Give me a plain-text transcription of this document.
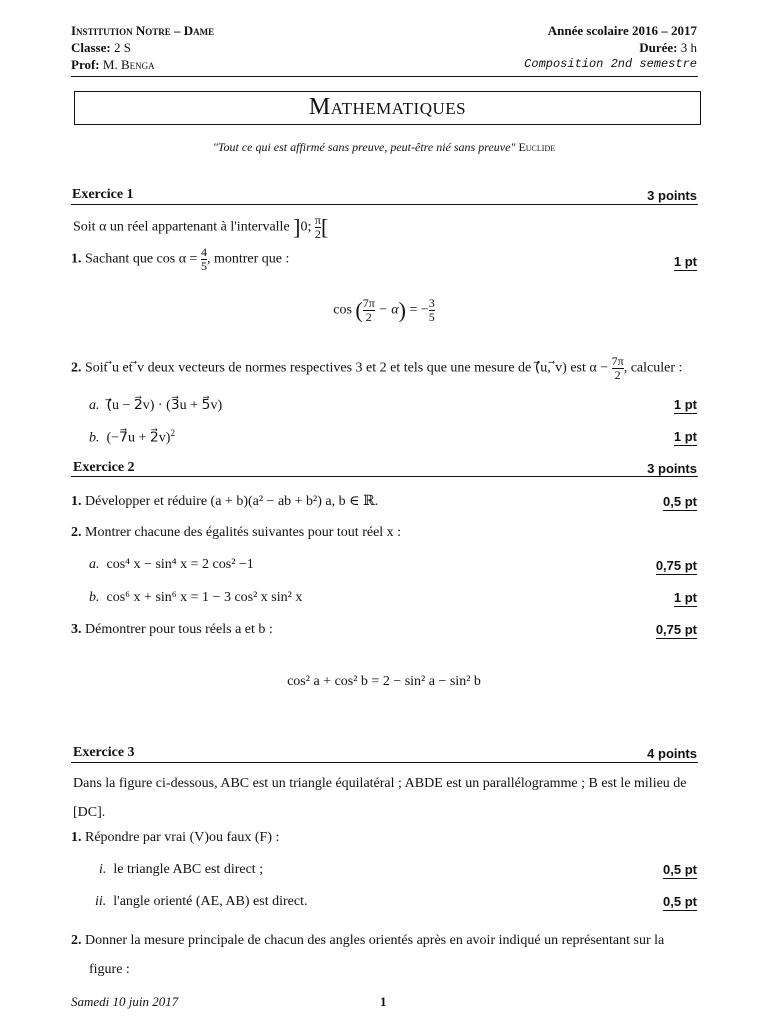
Institution Notre – Dame
Classe: 2 S
Prof: M. Benga
Année scolaire 2016 – 2017
Durée: 3 h
Composition 2nd semestre
Mathematiques
"Tout ce qui est affirmé sans preuve, peut-être nié sans preuve" Euclide
Exercice 1	3 points
Soit α un réel appartenant à l'intervalle ]0; $\frac{\pi}{2}$ [
1. Sachant que $\cos \alpha = \frac{4}{5}$ , montrer que :	1 pt
cos ( $\frac{7\pi}{2} - \alpha$) = − $\frac{3}{5}$
2. Soit ⃗u et ⃗v deux vecteurs de normes respectives 3 et 2 et tels que une mesure de (⃗u, ⃗v) est $\alpha - \frac{7\pi}{2}$ , calculer :
a. (⃗u − 2⃗v) · (3⃗u + 5⃗v)	1 pt
b. (−7⃗u + 2⃗v)$^2$	1 pt
Exercice 2	3 points
1. Développer et réduire (a + b)(a² − ab + b²) a, b ∈ ℝ.	0,5 pt
2. Montrer chacune des égalités suivantes pour tout réel x :
a. cos⁴ x − sin⁴ x = 2 cos² −1	0,75 pt
b. cos⁶ x + sin⁶ x = 1 − 3 cos² x sin² x	1 pt
3. Démontrer pour tous réels a et b :	0,75 pt
cos² a + cos² b = 2 − sin² a − sin² b
Exercice 3	4 points
Dans la figure ci-dessous, ABC est un triangle équilatéral ; ABDE est un parallélogramme ; B est le milieu de
[DC].
1. Répondre par vrai (V)ou faux (F) :
i. le triangle ABC est direct ;	0,5 pt
ii. l'angle orienté (AE, AB) est direct.	0,5 pt
2. Donner la mesure principale de chacun des angles orientés après en avoir indiqué un représentant sur la
figure :
Samedi 10 juin 2017	1
